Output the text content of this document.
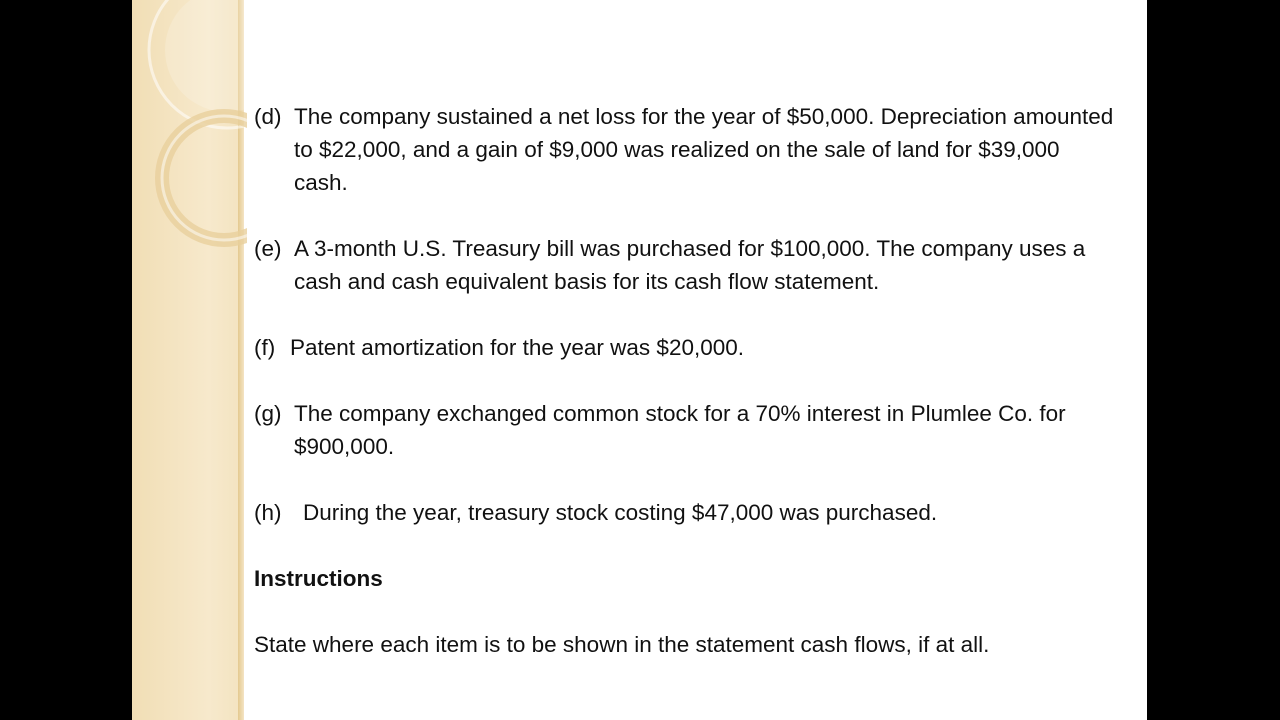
(d) The company sustained a net loss for the year of $50,000. Depreciation amounted to $22,000, and a gain of $9,000 was realized on the sale of land for $39,000 cash.
(e) A 3-month U.S. Treasury bill was purchased for $100,000. The company uses a cash and cash equivalent basis for its cash flow statement.
(f) Patent amortization for the year was $20,000.
(g) The company exchanged common stock for a 70% interest in Plumlee Co. for $900,000.
(h) During the year, treasury stock costing $47,000 was purchased.
Instructions
State where each item is to be shown in the statement cash flows, if at all.
